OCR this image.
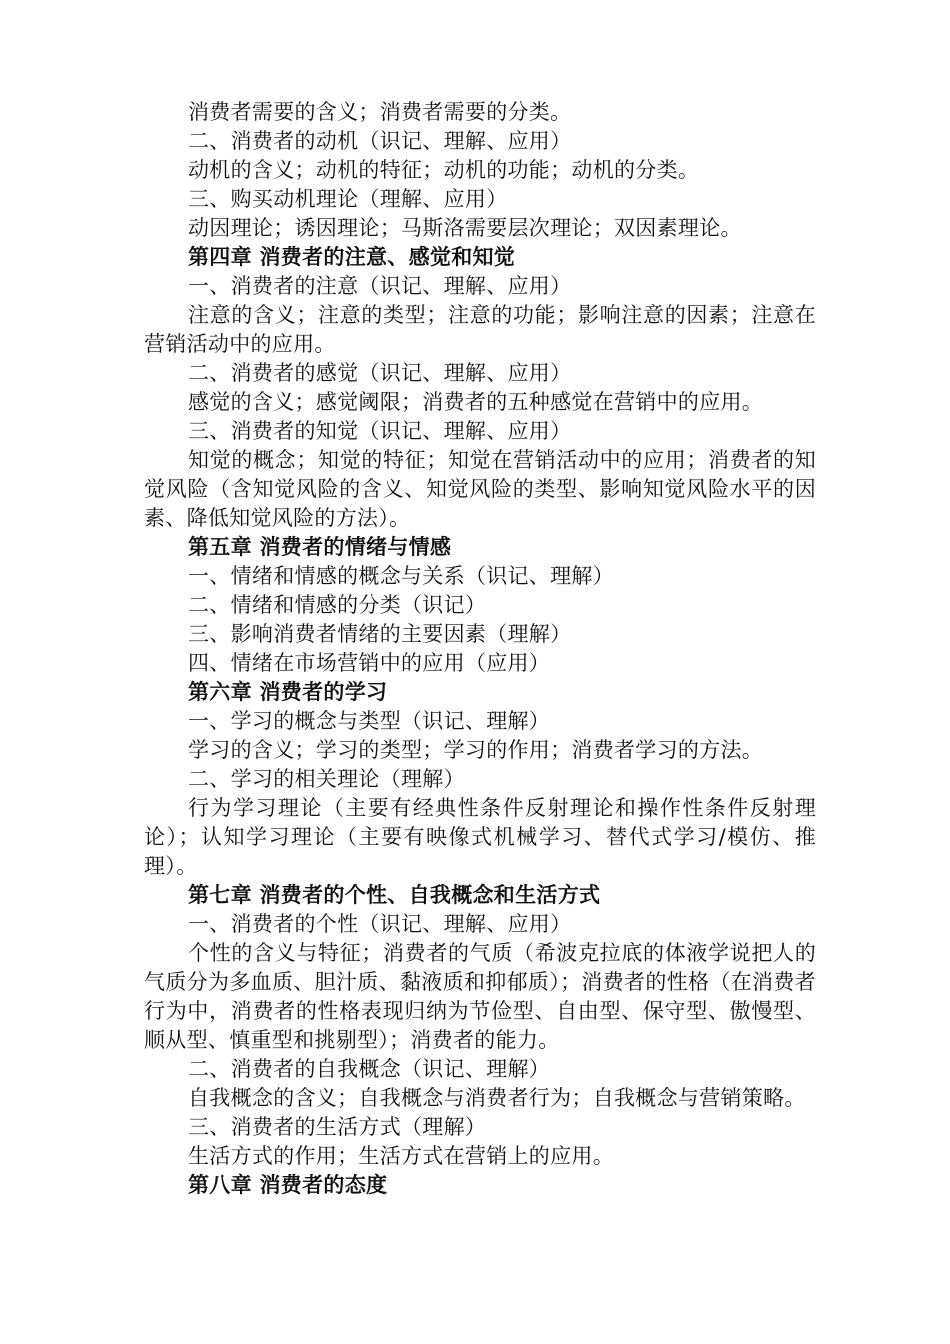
消费者需要的含义；消费者需要的分类。

二、消费者的动机（识记、理解、应用）

动机的含义；动机的特征；动机的功能；动机的分类。

三、购买动机理论（理解、应用）

动因理论；诱因理论；马斯洛需要层次理论；双因素理论。

第四章 消费者的注意、感觉和知觉

一、消费者的注意（识记、理解、应用）

注意的含义；注意的类型；注意的功能；影响注意的因素；注意在营销活动中的应用。

二、消费者的感觉（识记、理解、应用）

感觉的含义；感觉阈限；消费者的五种感觉在营销中的应用。

三、消费者的知觉（识记、理解、应用）

知觉的概念；知觉的特征；知觉在营销活动中的应用；消费者的知觉风险（含知觉风险的含义、知觉风险的类型、影响知觉风险水平的因素、降低知觉风险的方法）。

第五章 消费者的情绪与情感

一、情绪和情感的概念与关系（识记、理解）

二、情绪和情感的分类（识记）

三、影响消费者情绪的主要因素（理解）

四、情绪在市场营销中的应用（应用）

第六章 消费者的学习

一、学习的概念与类型（识记、理解）

学习的含义；学习的类型；学习的作用；消费者学习的方法。

二、学习的相关理论（理解）

行为学习理论（主要有经典性条件反射理论和操作性条件反射理论）；认知学习理论（主要有映像式机械学习、替代式学习/模仿、推理）。

第七章 消费者的个性、自我概念和生活方式

一、消费者的个性（识记、理解、应用）

个性的含义与特征；消费者的气质（希波克拉底的体液学说把人的气质分为多血质、胆汁质、黏液质和抑郁质）；消费者的性格（在消费者行为中，消费者的性格表现归纳为节俭型、自由型、保守型、傲慢型、顺从型、慎重型和挑剔型）；消费者的能力。

二、消费者的自我概念（识记、理解）

自我概念的含义；自我概念与消费者行为；自我概念与营销策略。

三、消费者的生活方式（理解）

生活方式的作用；生活方式在营销上的应用。

第八章 消费者的态度
